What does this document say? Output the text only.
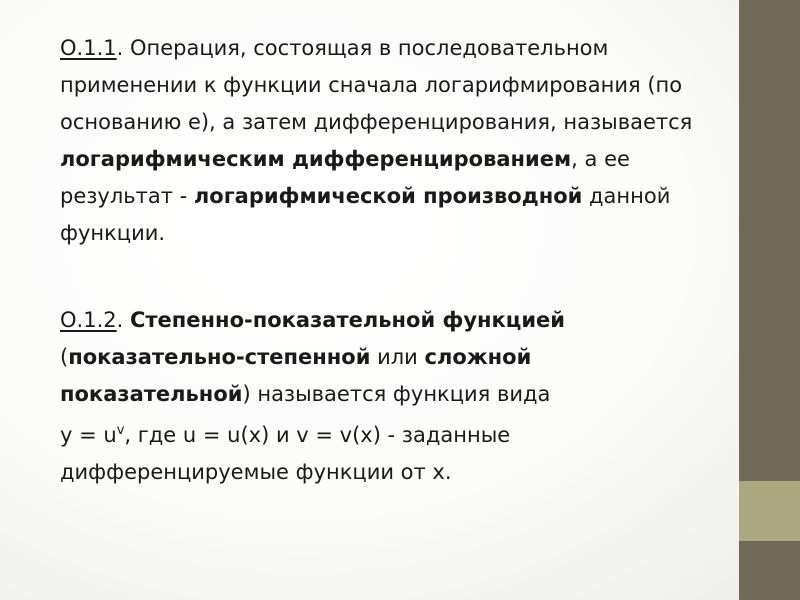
О.1.1. Операция, состоящая в последовательном применении к функции сначала логарифмирования (по основанию e), а затем дифференцирования, называется логарифмическим дифференцированием, а ее результат - логарифмической производной данной функции.

О.1.2. Степенно-показательной функцией (показательно-степенной или сложной показательной) называется функция вида

$y = u^v$, где u = u(x) и v = v(x) - заданные дифференцируемые функции от x.
